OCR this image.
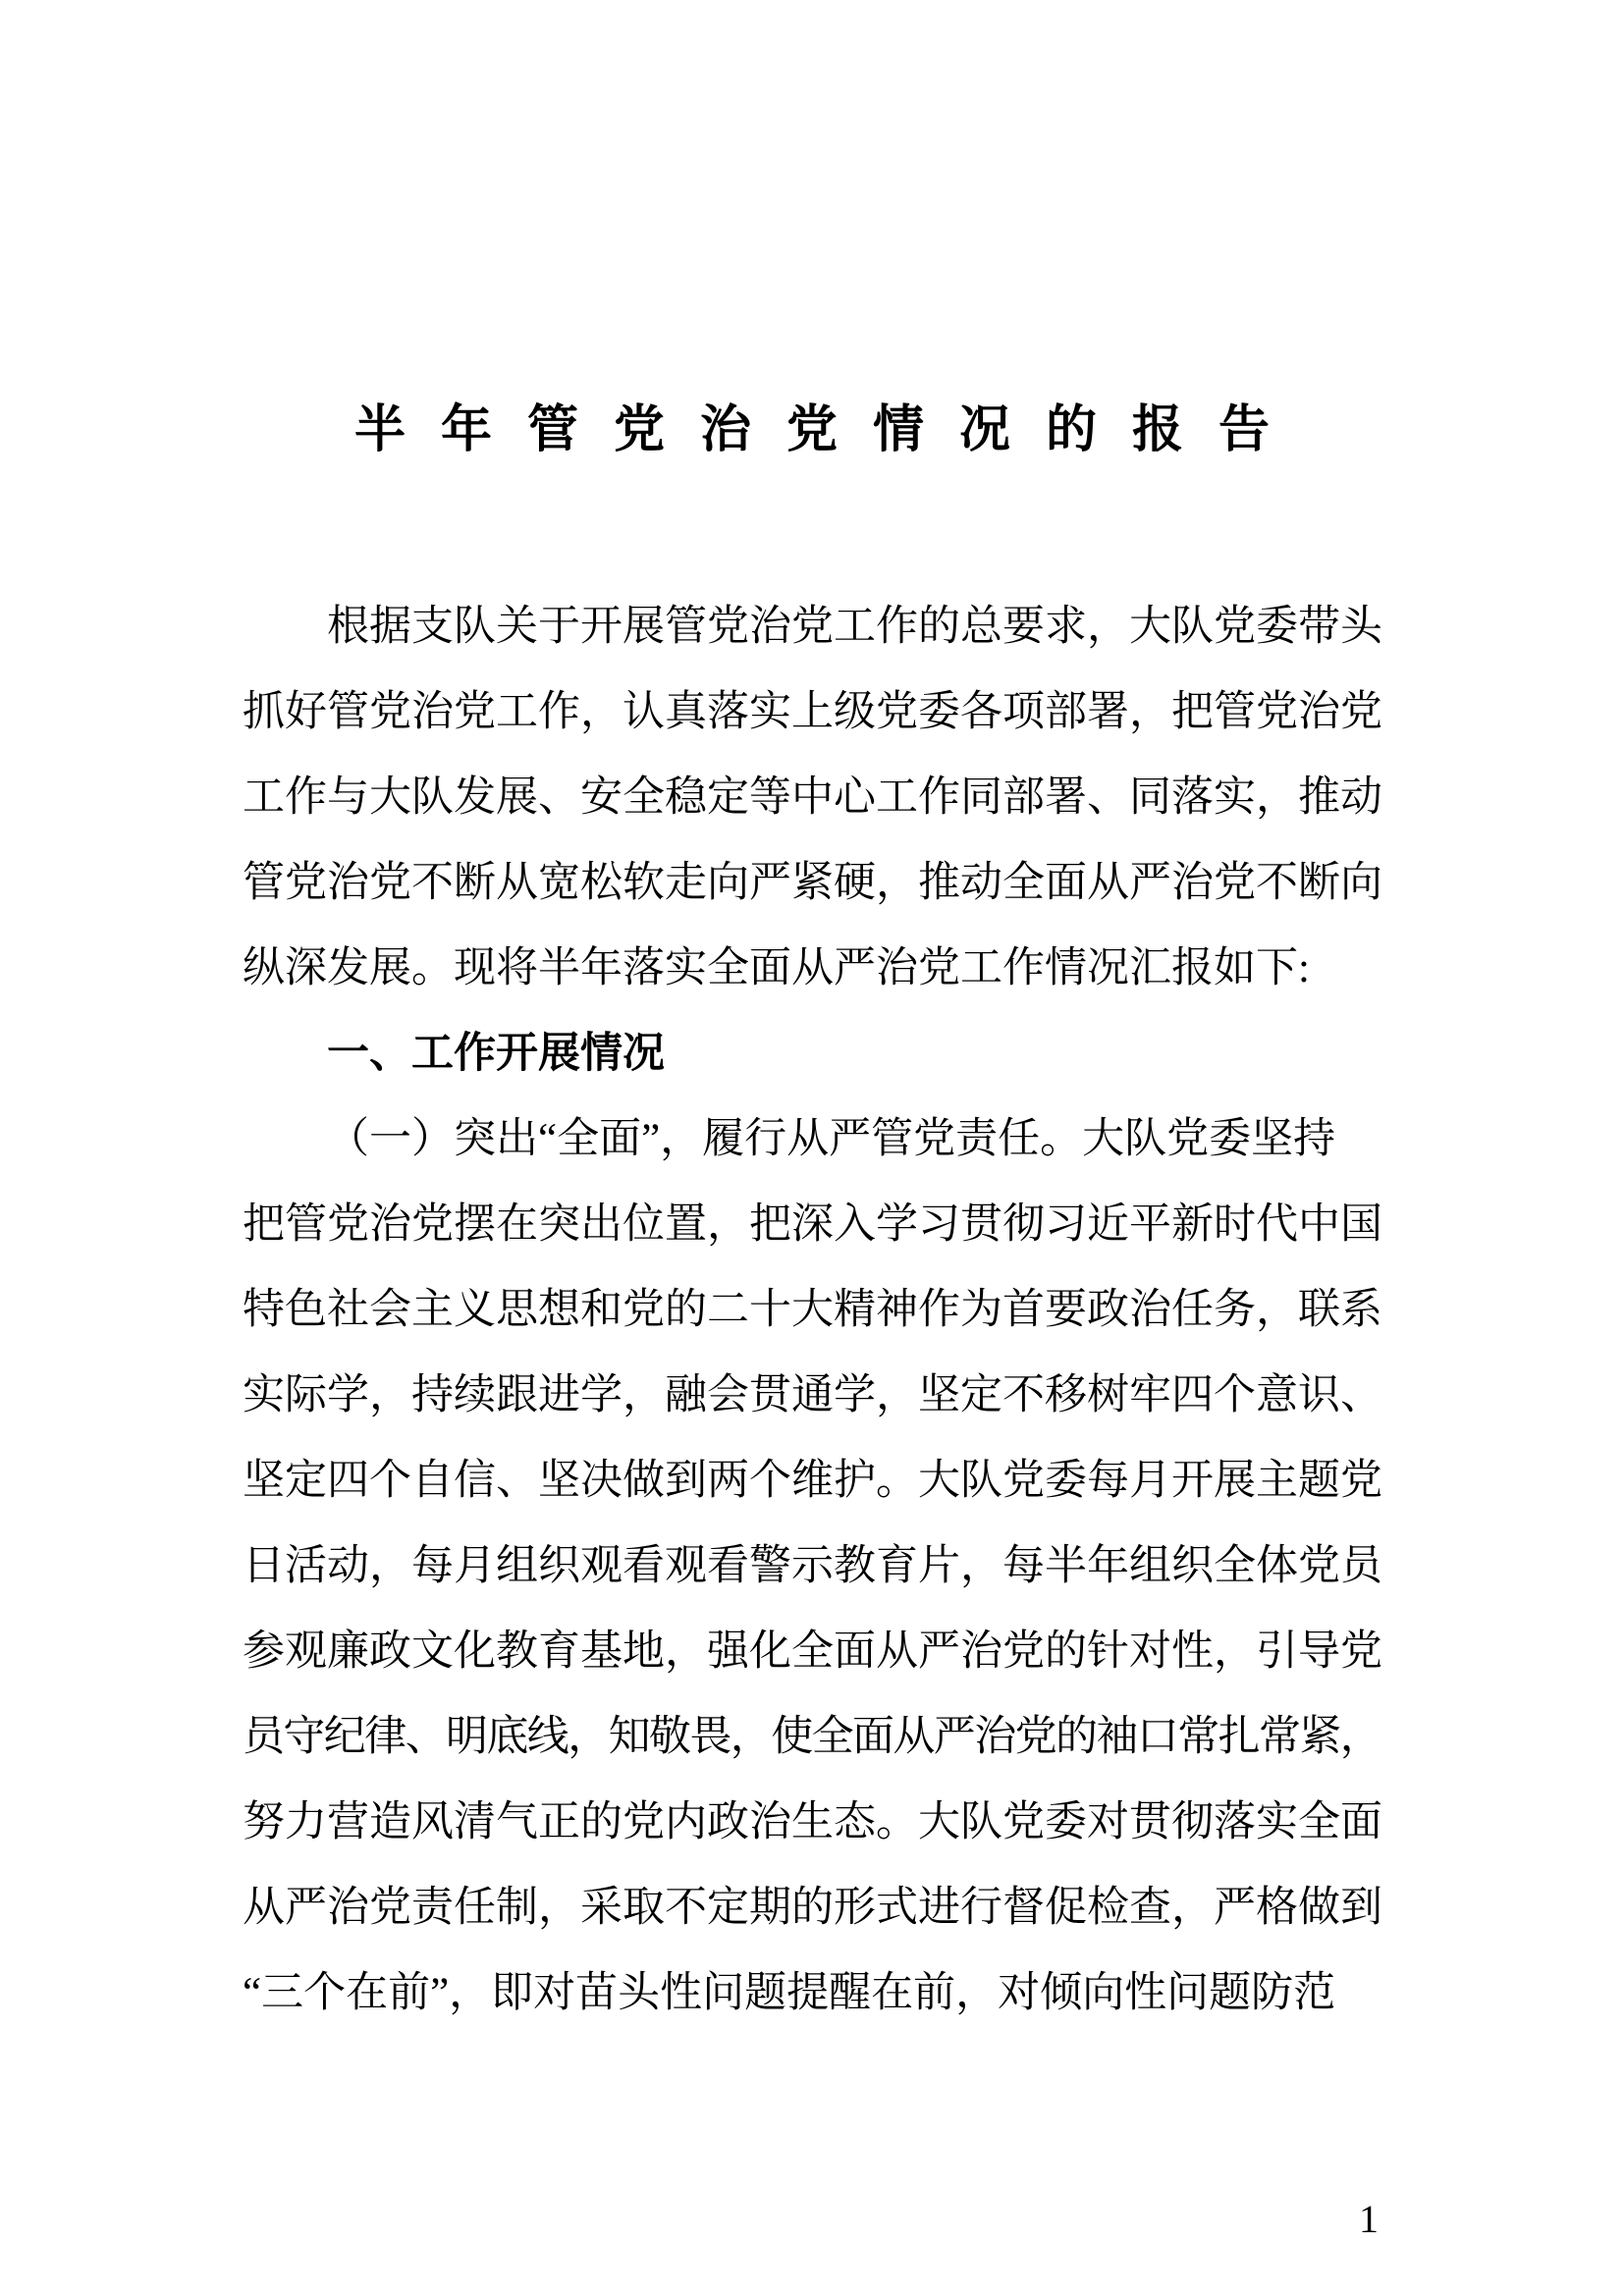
半年管党治党情况的报告
根据支队关于开展管党治党工作的总要求，大队党委带头
抓好管党治党工作，认真落实上级党委各项部署，把管党治党
工作与大队发展、安全稳定等中心工作同部署、同落实，推动
管党治党不断从宽松软走向严紧硬，推动全面从严治党不断向
纵深发展。现将半年落实全面从严治党工作情况汇报如下:
一、工作开展情况
（一）突出“全面”，履行从严管党责任。大队党委坚持
把管党治党摆在突出位置，把深入学习贯彻习近平新时代中国
特色社会主义思想和党的二十大精神作为首要政治任务，联系
实际学，持续跟进学，融会贯通学，坚定不移树牢四个意识、
坚定四个自信、坚决做到两个维护。大队党委每月开展主题党
日活动，每月组织观看观看警示教育片，每半年组织全体党员
参观廉政文化教育基地，强化全面从严治党的针对性，引导党
员守纪律、明底线，知敬畏，使全面从严治党的袖口常扎常紧，
努力营造风清气正的党内政治生态。大队党委对贯彻落实全面
从严治党责任制，采取不定期的形式进行督促检查，严格做到
“三个在前”，即对苗头性问题提醒在前，对倾向性问题防范
1
